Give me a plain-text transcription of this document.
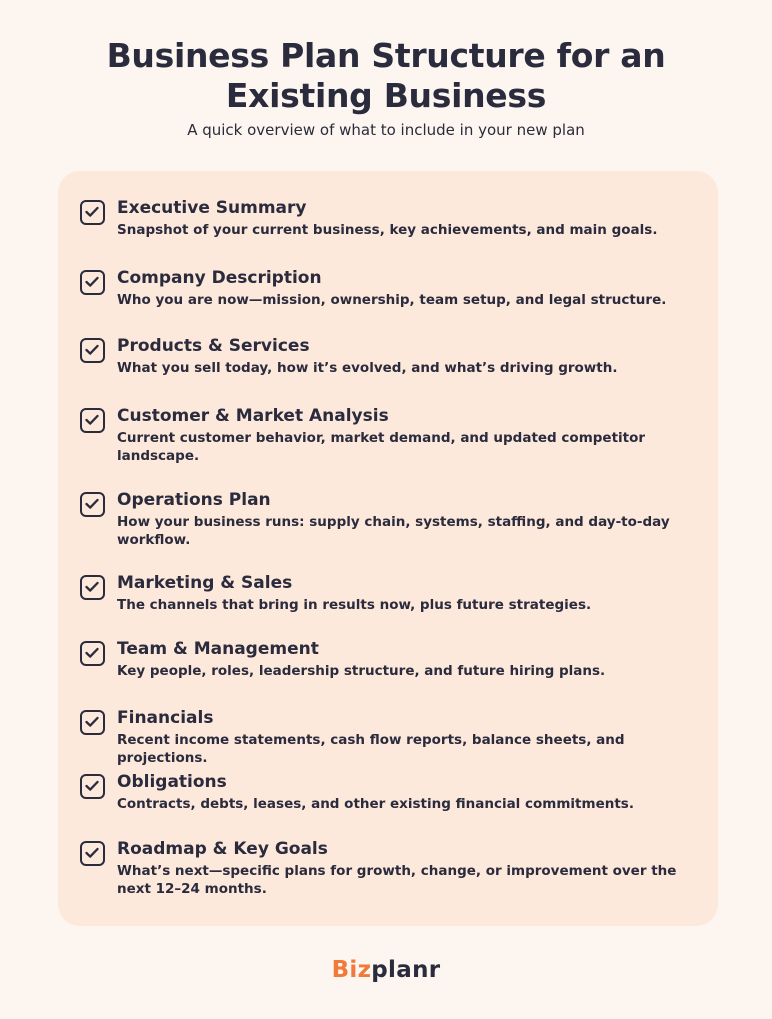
Business Plan Structure for an
Existing Business
A quick overview of what to include in your new plan
Executive Summary
Snapshot of your current business, key achievements, and main goals.
Company Description
Who you are now—mission, ownership, team setup, and legal structure.
Products & Services
What you sell today, how it’s evolved, and what’s driving growth.
Customer & Market Analysis
Current customer behavior, market demand, and updated competitor landscape.
Operations Plan
How your business runs: supply chain, systems, staffing, and day-to-day workflow.
Marketing & Sales
The channels that bring in results now, plus future strategies.
Team & Management
Key people, roles, leadership structure, and future hiring plans.
Financials
Recent income statements, cash flow reports, balance sheets, and projections.
Obligations
Contracts, debts, leases, and other existing financial commitments.
Roadmap & Key Goals
What’s next—specific plans for growth, change, or improvement over the next 12–24 months.
Bizplanr
